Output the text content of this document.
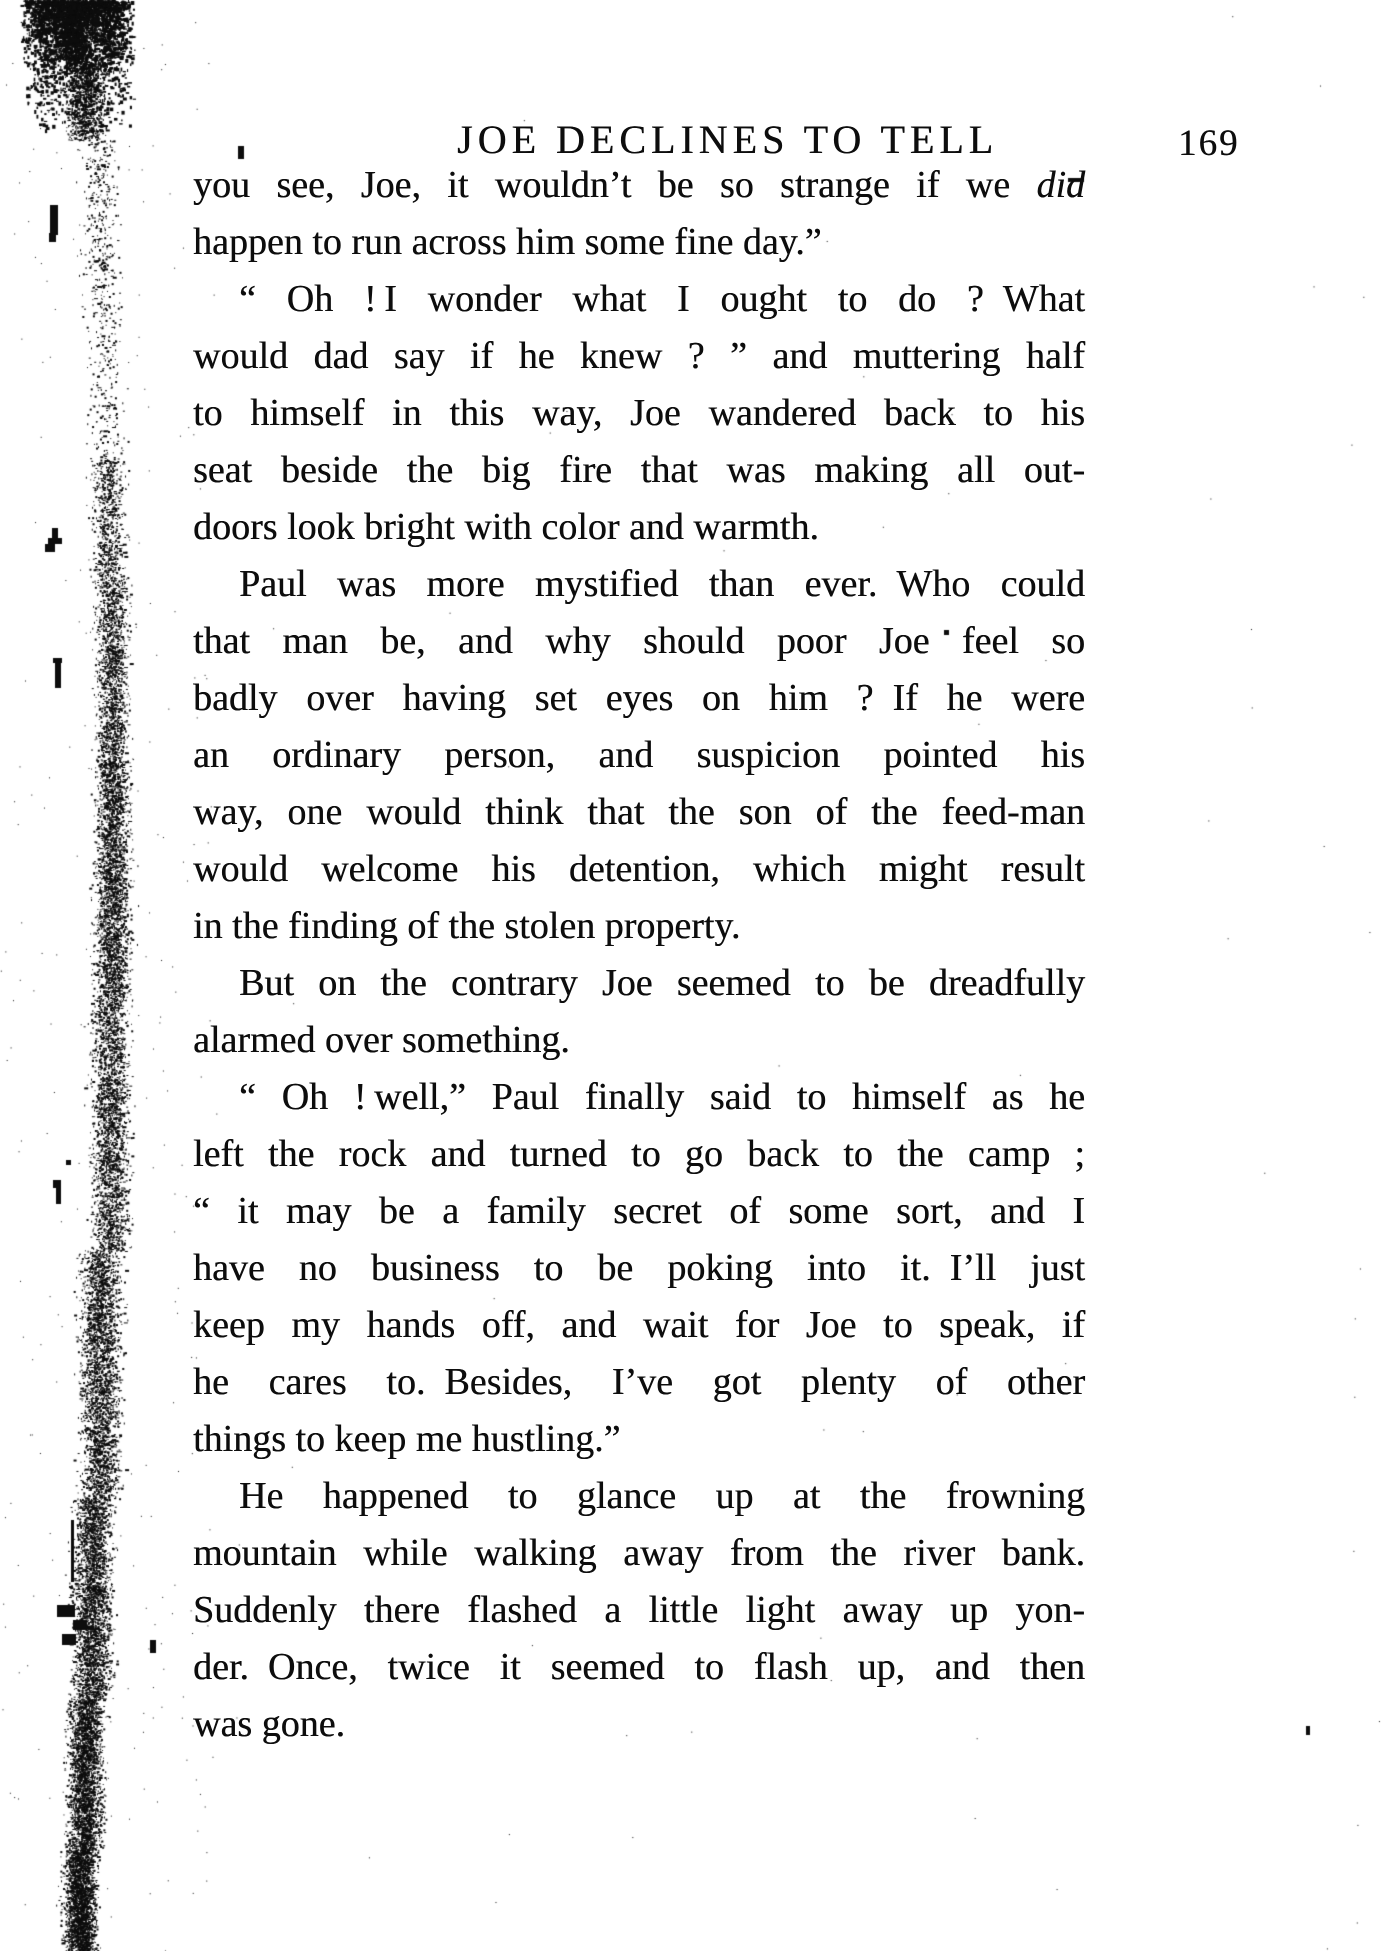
JOE DECLINES TO TELL	169
you see, Joe, it wouldn’t be so strange if we did
happen to run across him some fine day.”
“ Oh ! I wonder what I ought to do ? What
would dad say if he knew ? ” and muttering half
to himself in this way, Joe wandered back to his
seat beside the big fire that was making all out-
doors look bright with color and warmth.
Paul was more mystified than ever. Who could
that man be, and why should poor Joe feel so
badly over having set eyes on him ? If he were
an ordinary person, and suspicion pointed his
way, one would think that the son of the feed-man
would welcome his detention, which might result
in the finding of the stolen property.
But on the contrary Joe seemed to be dreadfully
alarmed over something.
“ Oh ! well,” Paul finally said to himself as he
left the rock and turned to go back to the camp ;
“ it may be a family secret of some sort, and I
have no business to be poking into it. I’ll just
keep my hands off, and wait for Joe to speak, if
he cares to. Besides, I’ve got plenty of other
things to keep me hustling.”
He happened to glance up at the frowning
mountain while walking away from the river bank.
Suddenly there flashed a little light away up yon-
der. Once, twice it seemed to flash up, and then
was gone.
